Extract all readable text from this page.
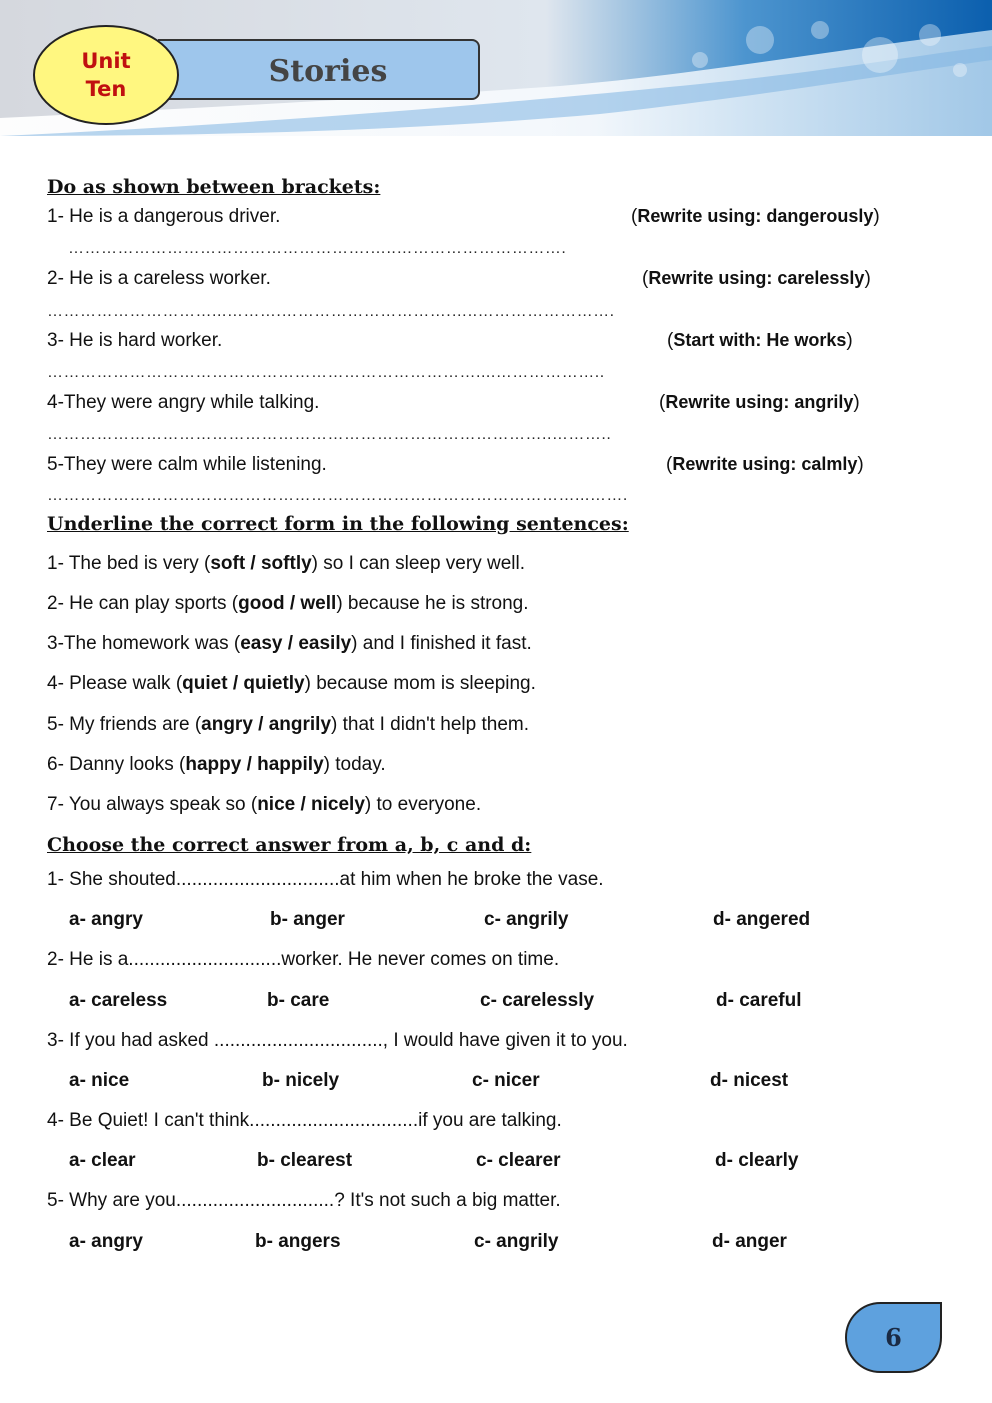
Stories
Unit
Ten
Do as shown between brackets:
1- He is a dangerous driver.	(Rewrite using: dangerously)
……………………………………………….…..………………………….
2- He is a careless worker.	(Rewrite using: carelessly)
…………………………...……….………………………….…..…………………….
3- He is hard worker.	(Start with: He works)
……………………………………………………………………....………………..
4-They were angry while talking.	(Rewrite using: angrily)
………………………………………………………………………………..………..
5-They were calm while listening.	(Rewrite using: calmly)
……………………………………………………………………………………...…….
Underline the correct form in the following sentences:
1- The bed is very (soft / softly) so I can sleep very well.
2- He can play sports (good / well) because he is strong.
3-The homework was (easy / easily) and I finished it fast.
4- Please walk (quiet / quietly) because mom is sleeping.
5- My friends are (angry / angrily) that I didn't help them.
6- Danny looks (happy / happily) today.
7- You always speak so (nice / nicely) to everyone.
Choose the correct answer from a, b, c and d:
1- She shouted...............................at him when he broke the vase.
a- angry	b- anger	c- angrily	d- angered
2- He is a.............................worker. He never comes on time.
a- careless	b- care	c- carelessly	d- careful
3- If you had asked ................................, I would have given it to you.
a- nice	b- nicely	c- nicer	d- nicest
4- Be Quiet! I can't think................................if you are talking.
a- clear	b- clearest	c- clearer	d- clearly
5- Why are you..............................? It's not such a big matter.
a- angry	b- angers	c- angrily	d- anger
6
